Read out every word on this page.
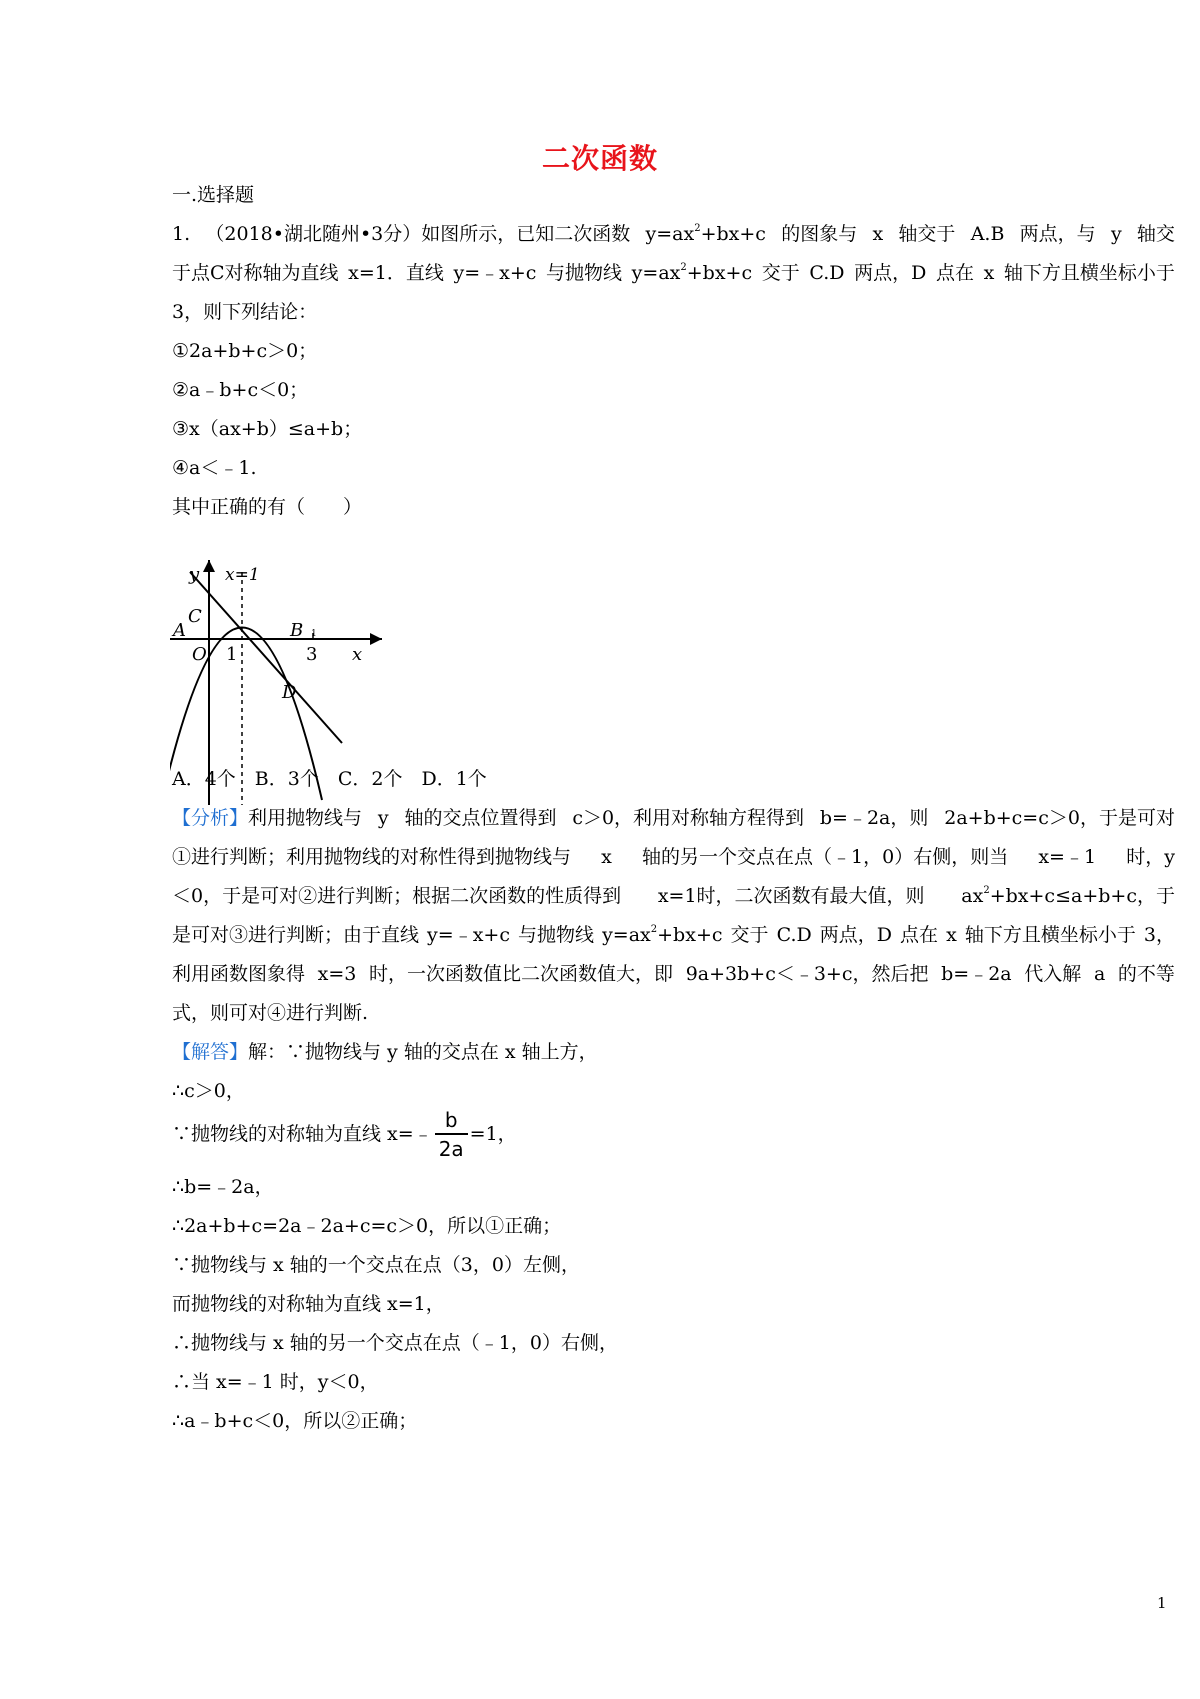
二次函数
一.选择题
1. （2018•湖北随州•3分）如图所示，已知二次函数 $y=ax^2+bx+c$ 的图象与 x 轴交于 A.B 两点，与 y 轴交
于点C对称轴为直线 x=1．直线 y=﹣x+c 与抛物线 $y=ax^2+bx+c$ 交于 C.D 两点，D 点在 x 轴下方且横坐标小于
3，则下列结论：
①2a+b+c＞0；
②a﹣b+c＜0；
③x（ax+b）≤a+b；
④a＜﹣1.
其中正确的有（　　）
y x=1
C
A	B
O 1	3 x
D
1
A．4个　B．3个　C．2个　D．1个
【分析】利用抛物线与 y 轴的交点位置得到 c＞0，利用对称轴方程得到 b=﹣2a，则 2a+b+c=c＞0，于是可对
①进行判断；利用抛物线的对称性得到抛物线与 x 轴的另一个交点在点（﹣1，0）右侧，则当 x=﹣1 时，y
＜0，于是可对②进行判断；根据二次函数的性质得到 x=1时，二次函数有最大值，则 $ax^2+bx+c\le a+b+c$，于
是可对③进行判断；由于直线 y=﹣x+c 与抛物线 $y=ax^2+bx+c$ 交于 C.D 两点，D 点在 x 轴下方且横坐标小于 3，
利用函数图象得 x=3 时，一次函数值比二次函数值大，即 9a+3b+c＜﹣3+c，然后把 b=﹣2a 代入解 a 的不等
式，则可对④进行判断.
【解答】解：∵抛物线与 y 轴的交点在 x 轴上方，
∴c＞0，
∵抛物线的对称轴为直线 x=﹣ $\frac{b}{2a} =1$，
∴b=﹣2a，
∴2a+b+c=2a﹣2a+c=c＞0，所以①正确；
∵抛物线与 x 轴的一个交点在点（3，0）左侧，
而抛物线的对称轴为直线 x=1，
∴抛物线与 x 轴的另一个交点在点（﹣1，0）右侧，
∴当 x=﹣1 时，y＜0，
∴a﹣b+c＜0，所以②正确；
1
